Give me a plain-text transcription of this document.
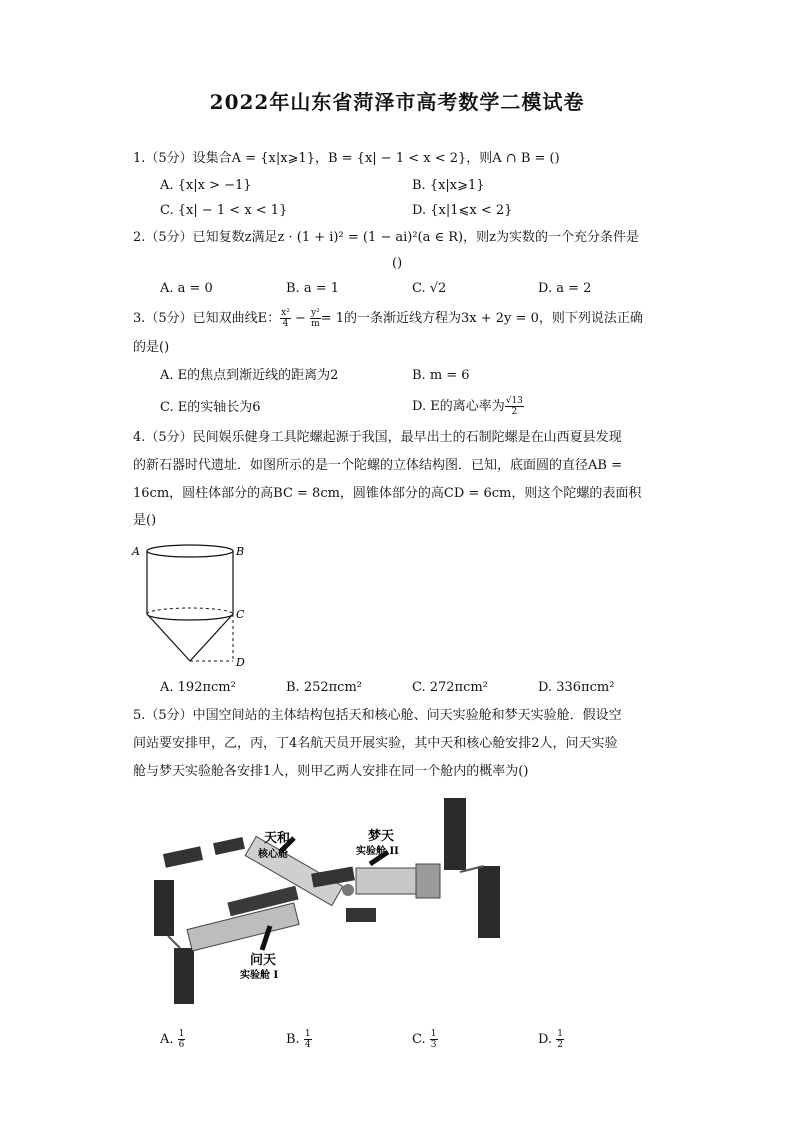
2022年山东省菏泽市高考数学二模试卷
1.（5分）设集合A = {x|x⩾1}，B = {x| − 1 < x < 2}，则A ∩ B = ()
A. {x|x > −1}	B. {x|x⩾1}
C. {x| − 1 < x < 1}	D. {x|1⩽x < 2}
2.（5分）已知复数z满足z · (1 + i)² = (1 − ai)²(a ∈ R)，则z为实数的一个充分条件是
()
A. a = 0	B. a = 1	C. √2	D. a = 2
3.（5分）已知双曲线E： $\frac{\text{x²}}{4} - \frac{\text{y²}}{m} = 1$的一条渐近线方程为3x + 2y = 0，则下列说法正确
的是()
A. E的焦点到渐近线的距离为2	B. m = 6
C. E的实轴长为6	D. E的离心率为 $\frac{√13}{2}$
4.（5分）民间娱乐健身工具陀螺起源于我国，最早出土的石制陀螺是在山西夏县发现
的新石器时代遗址．如图所示的是一个陀螺的立体结构图．已知，底面圆的直径AB =
16cm，圆柱体部分的高BC = 8cm，圆锥体部分的高CD = 6cm，则这个陀螺的表面积
是()
A	B
C
D
A. 192πcm²	B. 252πcm²	C. 272πcm²	D. 336πcm²
5.（5分）中国空间站的主体结构包括天和核心舱、问天实验舱和梦天实验舱．假设空
间站要安排甲，乙，丙，丁4名航天员开展实验，其中天和核心舱安排2人，问天实验
舱与梦天实验舱各安排1人，则甲乙两人安排在同一个舱内的概率为()
天和
核心舱
梦天
实验舱 II
问天
实验舱 I
A. $\frac{1}{6}$	B. $\frac{1}{4}$	C. $\frac{1}{3}$	D. $\frac{1}{2}$
